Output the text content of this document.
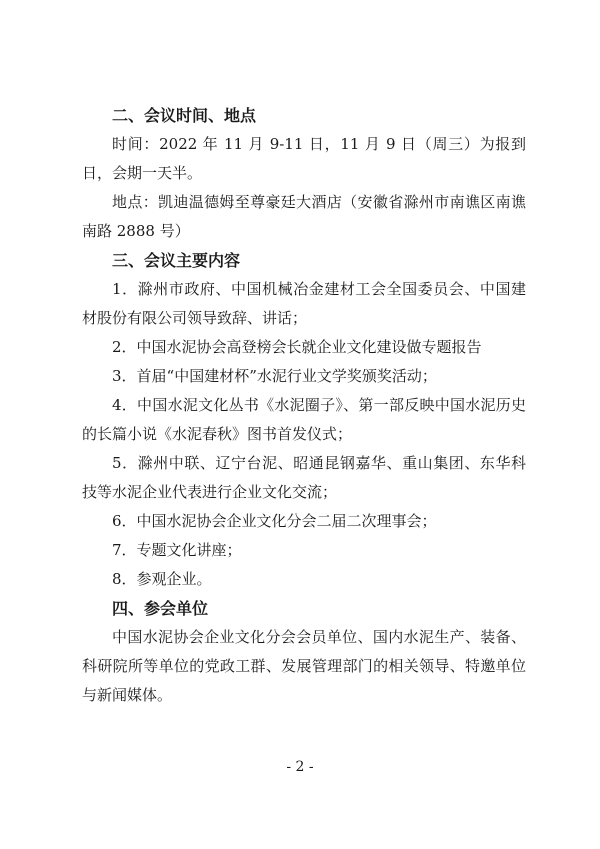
二、会议时间、地点

时间：2022 年 11 月 9-11 日，11 月 9 日（周三）为报到日，会期一天半。

地点：凯迪温德姆至尊豪廷大酒店（安徽省滁州市南谯区南谯南路 2888 号）

三、会议主要内容

1．滁州市政府、中国机械冶金建材工会全国委员会、中国建材股份有限公司领导致辞、讲话；

2．中国水泥协会高登榜会长就企业文化建设做专题报告

3．首届“中国建材杯”水泥行业文学奖颁奖活动；

4．中国水泥文化丛书《水泥圈子》、第一部反映中国水泥历史的长篇小说《水泥春秋》图书首发仪式；

5．滁州中联、辽宁台泥、昭通昆钢嘉华、重山集团、东华科技等水泥企业代表进行企业文化交流；

6．中国水泥协会企业文化分会二届二次理事会；

7．专题文化讲座；

8．参观企业。

四、参会单位

中国水泥协会企业文化分会会员单位、国内水泥生产、装备、科研院所等单位的党政工群、发展管理部门的相关领导、特邀单位与新闻媒体。

- 2 -
